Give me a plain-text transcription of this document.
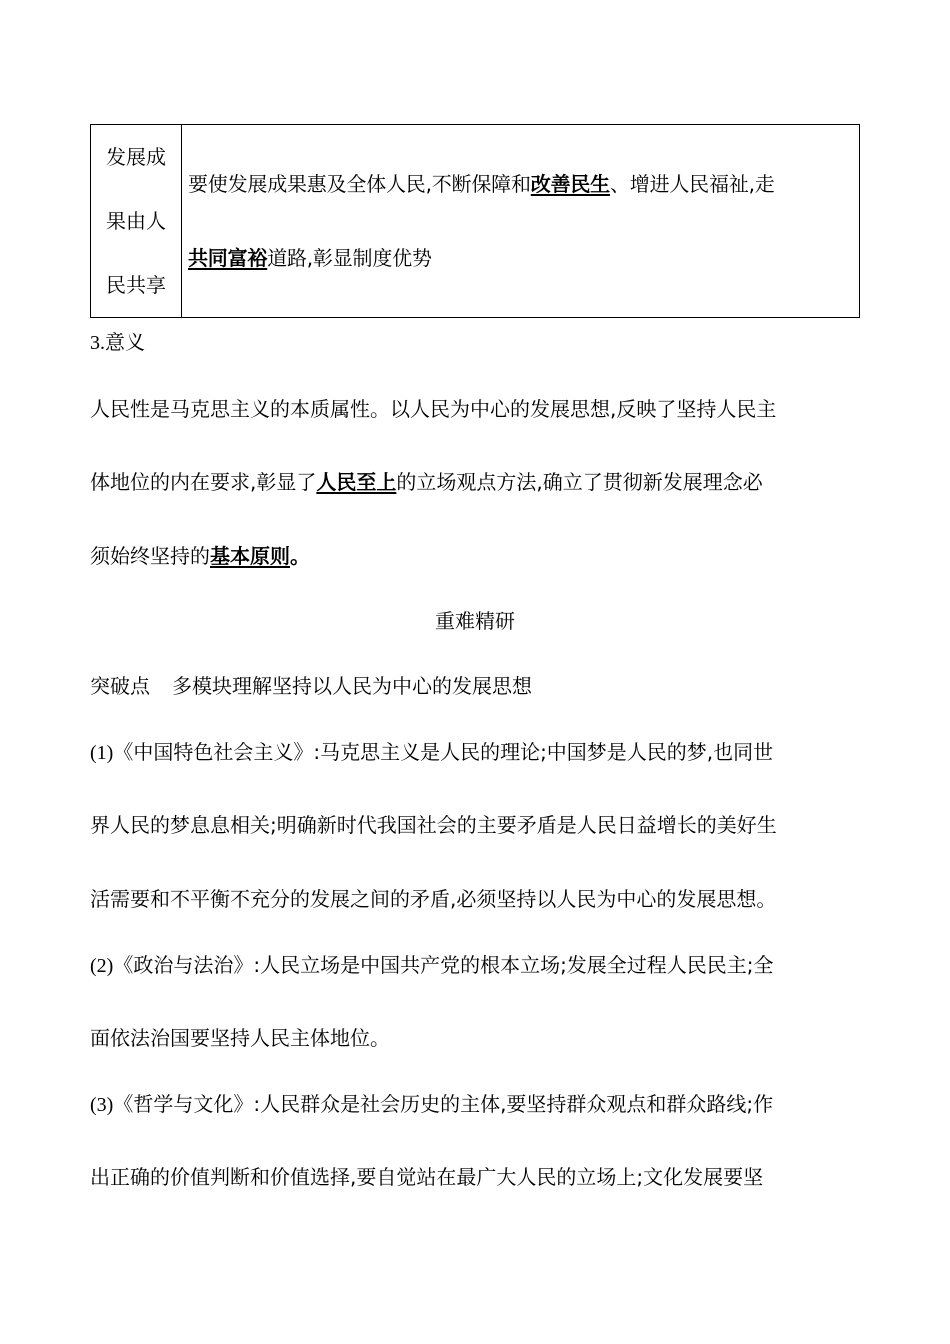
发展成
果由人
民共享
	要使发展成果惠及全体人民,不断保障和改善民生、增进人民福祉,走
共同富裕道路,彰显制度优势
3.意义
人民性是马克思主义的本质属性。以人民为中心的发展思想,反映了坚持人民主
体地位的内在要求,彰显了人民至上的立场观点方法,确立了贯彻新发展理念必
须始终坚持的基本原则。
重难精研
突破点 多模块理解坚持以人民为中心的发展思想
(1)《中国特色社会主义》:马克思主义是人民的理论;中国梦是人民的梦,也同世
界人民的梦息息相关;明确新时代我国社会的主要矛盾是人民日益增长的美好生
活需要和不平衡不充分的发展之间的矛盾,必须坚持以人民为中心的发展思想。
(2)《政治与法治》:人民立场是中国共产党的根本立场;发展全过程人民民主;全
面依法治国要坚持人民主体地位。
(3)《哲学与文化》:人民群众是社会历史的主体,要坚持群众观点和群众路线;作
出正确的价值判断和价值选择,要自觉站在最广大人民的立场上;文化发展要坚
